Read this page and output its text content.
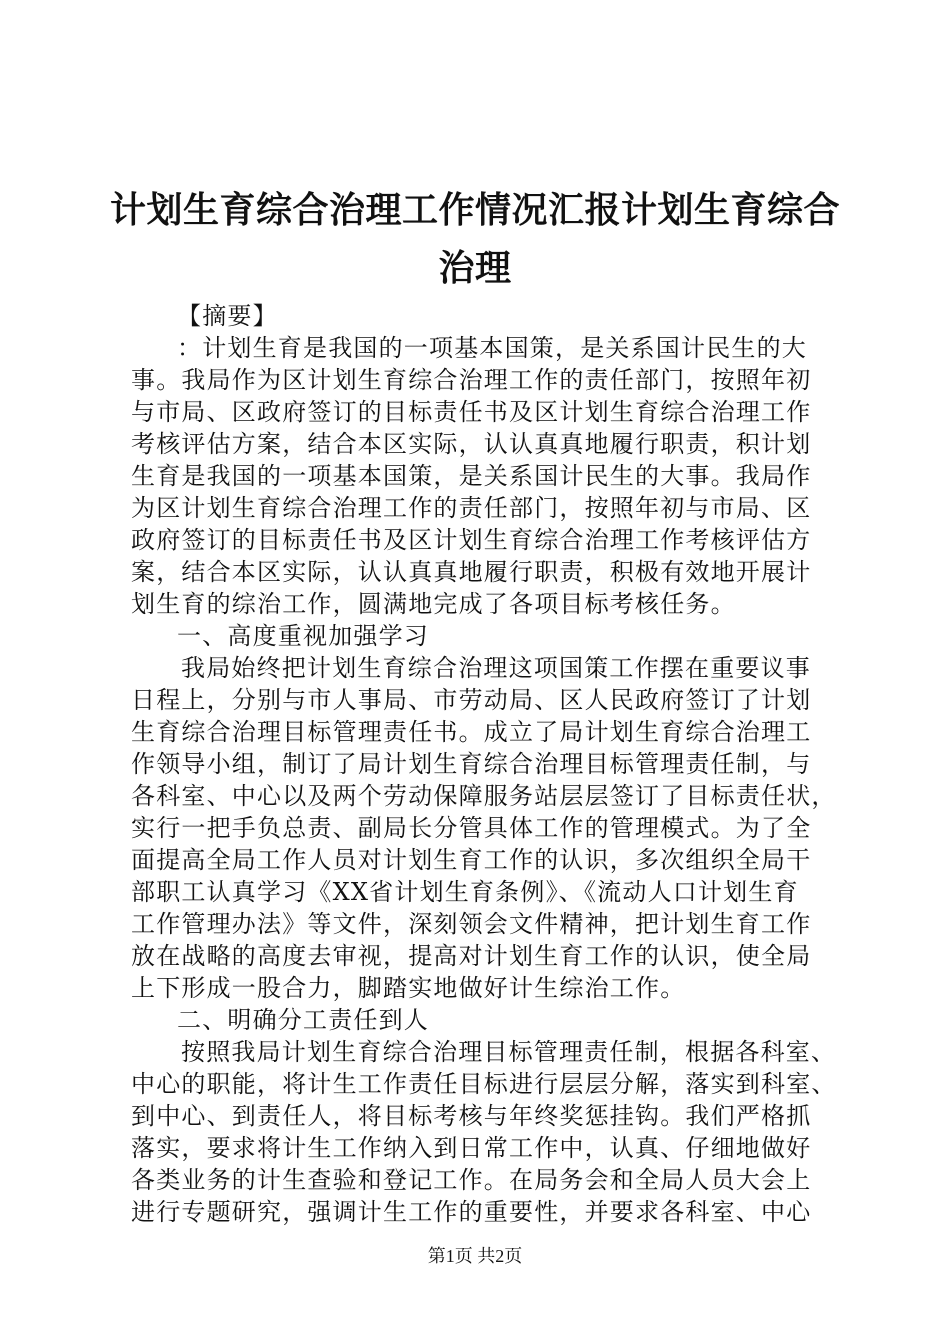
计划生育综合治理工作情况汇报计划生育综合
治理
【摘要】
：计划生育是我国的一项基本国策，是关系国计民生的大
事。我局作为区计划生育综合治理工作的责任部门，按照年初
与市局、区政府签订的目标责任书及区计划生育综合治理工作
考核评估方案，结合本区实际，认认真真地履行职责，积计划
生育是我国的一项基本国策，是关系国计民生的大事。我局作
为区计划生育综合治理工作的责任部门，按照年初与市局、区
政府签订的目标责任书及区计划生育综合治理工作考核评估方
案，结合本区实际，认认真真地履行职责，积极有效地开展计
划生育的综治工作，圆满地完成了各项目标考核任务。
一、高度重视加强学习
我局始终把计划生育综合治理这项国策工作摆在重要议事
日程上，分别与市人事局、市劳动局、区人民政府签订了计划
生育综合治理目标管理责任书。成立了局计划生育综合治理工
作领导小组，制订了局计划生育综合治理目标管理责任制，与
各科室、中心以及两个劳动保障服务站层层签订了目标责任状，
实行一把手负总责、副局长分管具体工作的管理模式。为了全
面提高全局工作人员对计划生育工作的认识，多次组织全局干
部职工认真学习《XX省计划生育条例》、《流动人口计划生育
工作管理办法》等文件，深刻领会文件精神，把计划生育工作
放在战略的高度去审视，提高对计划生育工作的认识，使全局
上下形成一股合力，脚踏实地做好计生综治工作。
二、明确分工责任到人
按照我局计划生育综合治理目标管理责任制，根据各科室、
中心的职能，将计生工作责任目标进行层层分解，落实到科室、
到中心、到责任人，将目标考核与年终奖惩挂钩。我们严格抓
落实，要求将计生工作纳入到日常工作中，认真、仔细地做好
各类业务的计生查验和登记工作。在局务会和全局人员大会上
进行专题研究，强调计生工作的重要性，并要求各科室、中心
第1页 共2页
